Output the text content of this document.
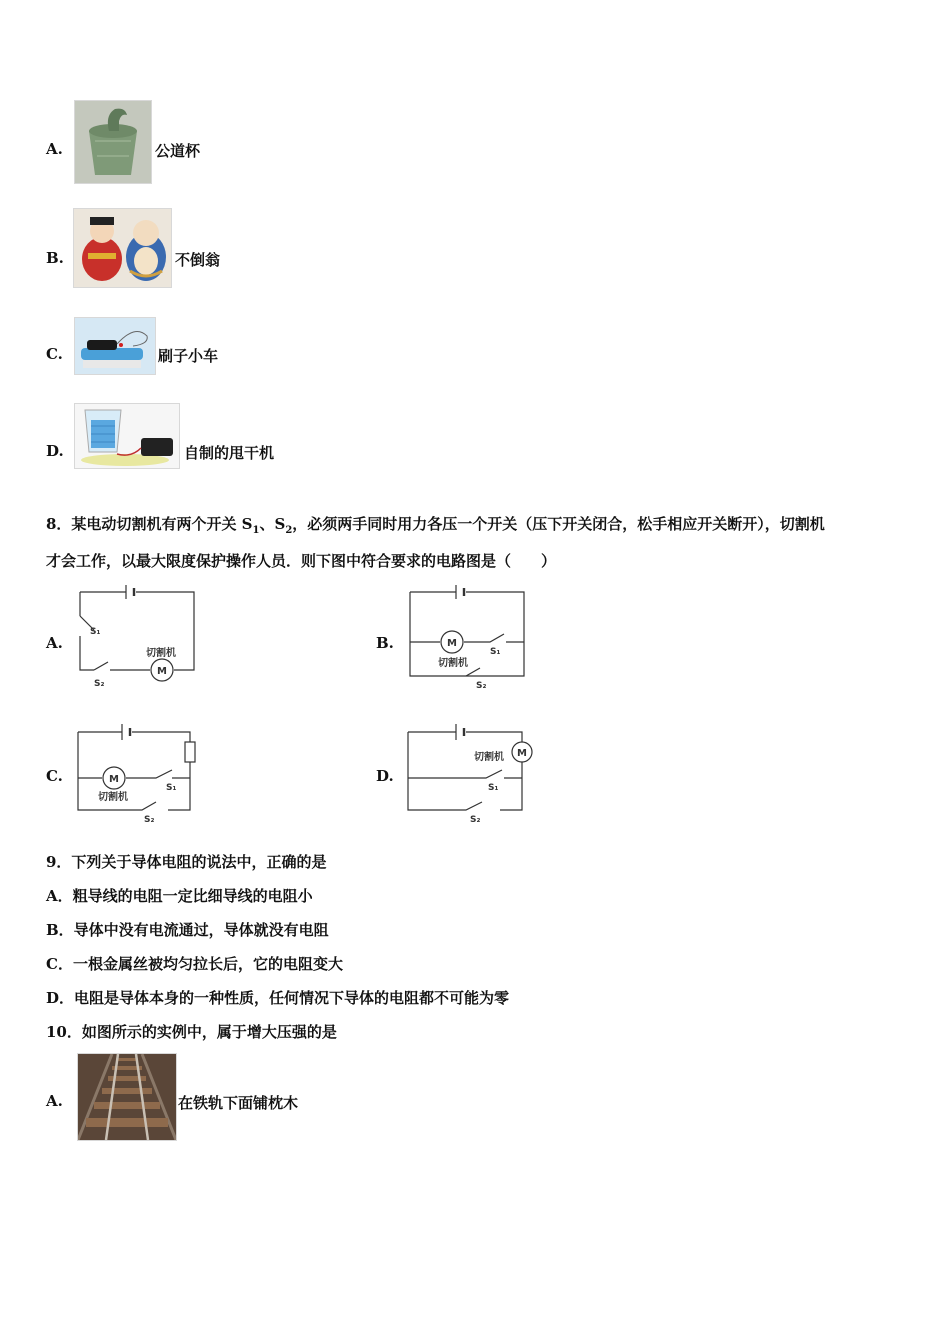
A.	公道杯
B.	不倒翁
C.	刷子小车
D.	自制的甩干机
8．某电动切割机有两个开关 $S_1$、$S_2$，必须两手同时用力各压一个开关（压下开关闭合，松手相应开关断开），切割机
才会工作，以最大限度保护操作人员．则下图中符合要求的电路图是（　　）
A.
M
切割机
S₁
S₂
B.	M
切割机
S₁
S₂
C.	M
切割机
S₁
S₂
D.
M
切割机
S₁
S₂
9．下列关于导体电阻的说法中，正确的是
A．粗导线的电阻一定比细导线的电阻小
B．导体中没有电流通过，导体就没有电阻
C．一根金属丝被均匀拉长后，它的电阻变大
D．电阻是导体本身的一种性质，任何情况下导体的电阻都不可能为零
10．如图所示的实例中，属于增大压强的是
A.	在铁轨下面铺枕木
